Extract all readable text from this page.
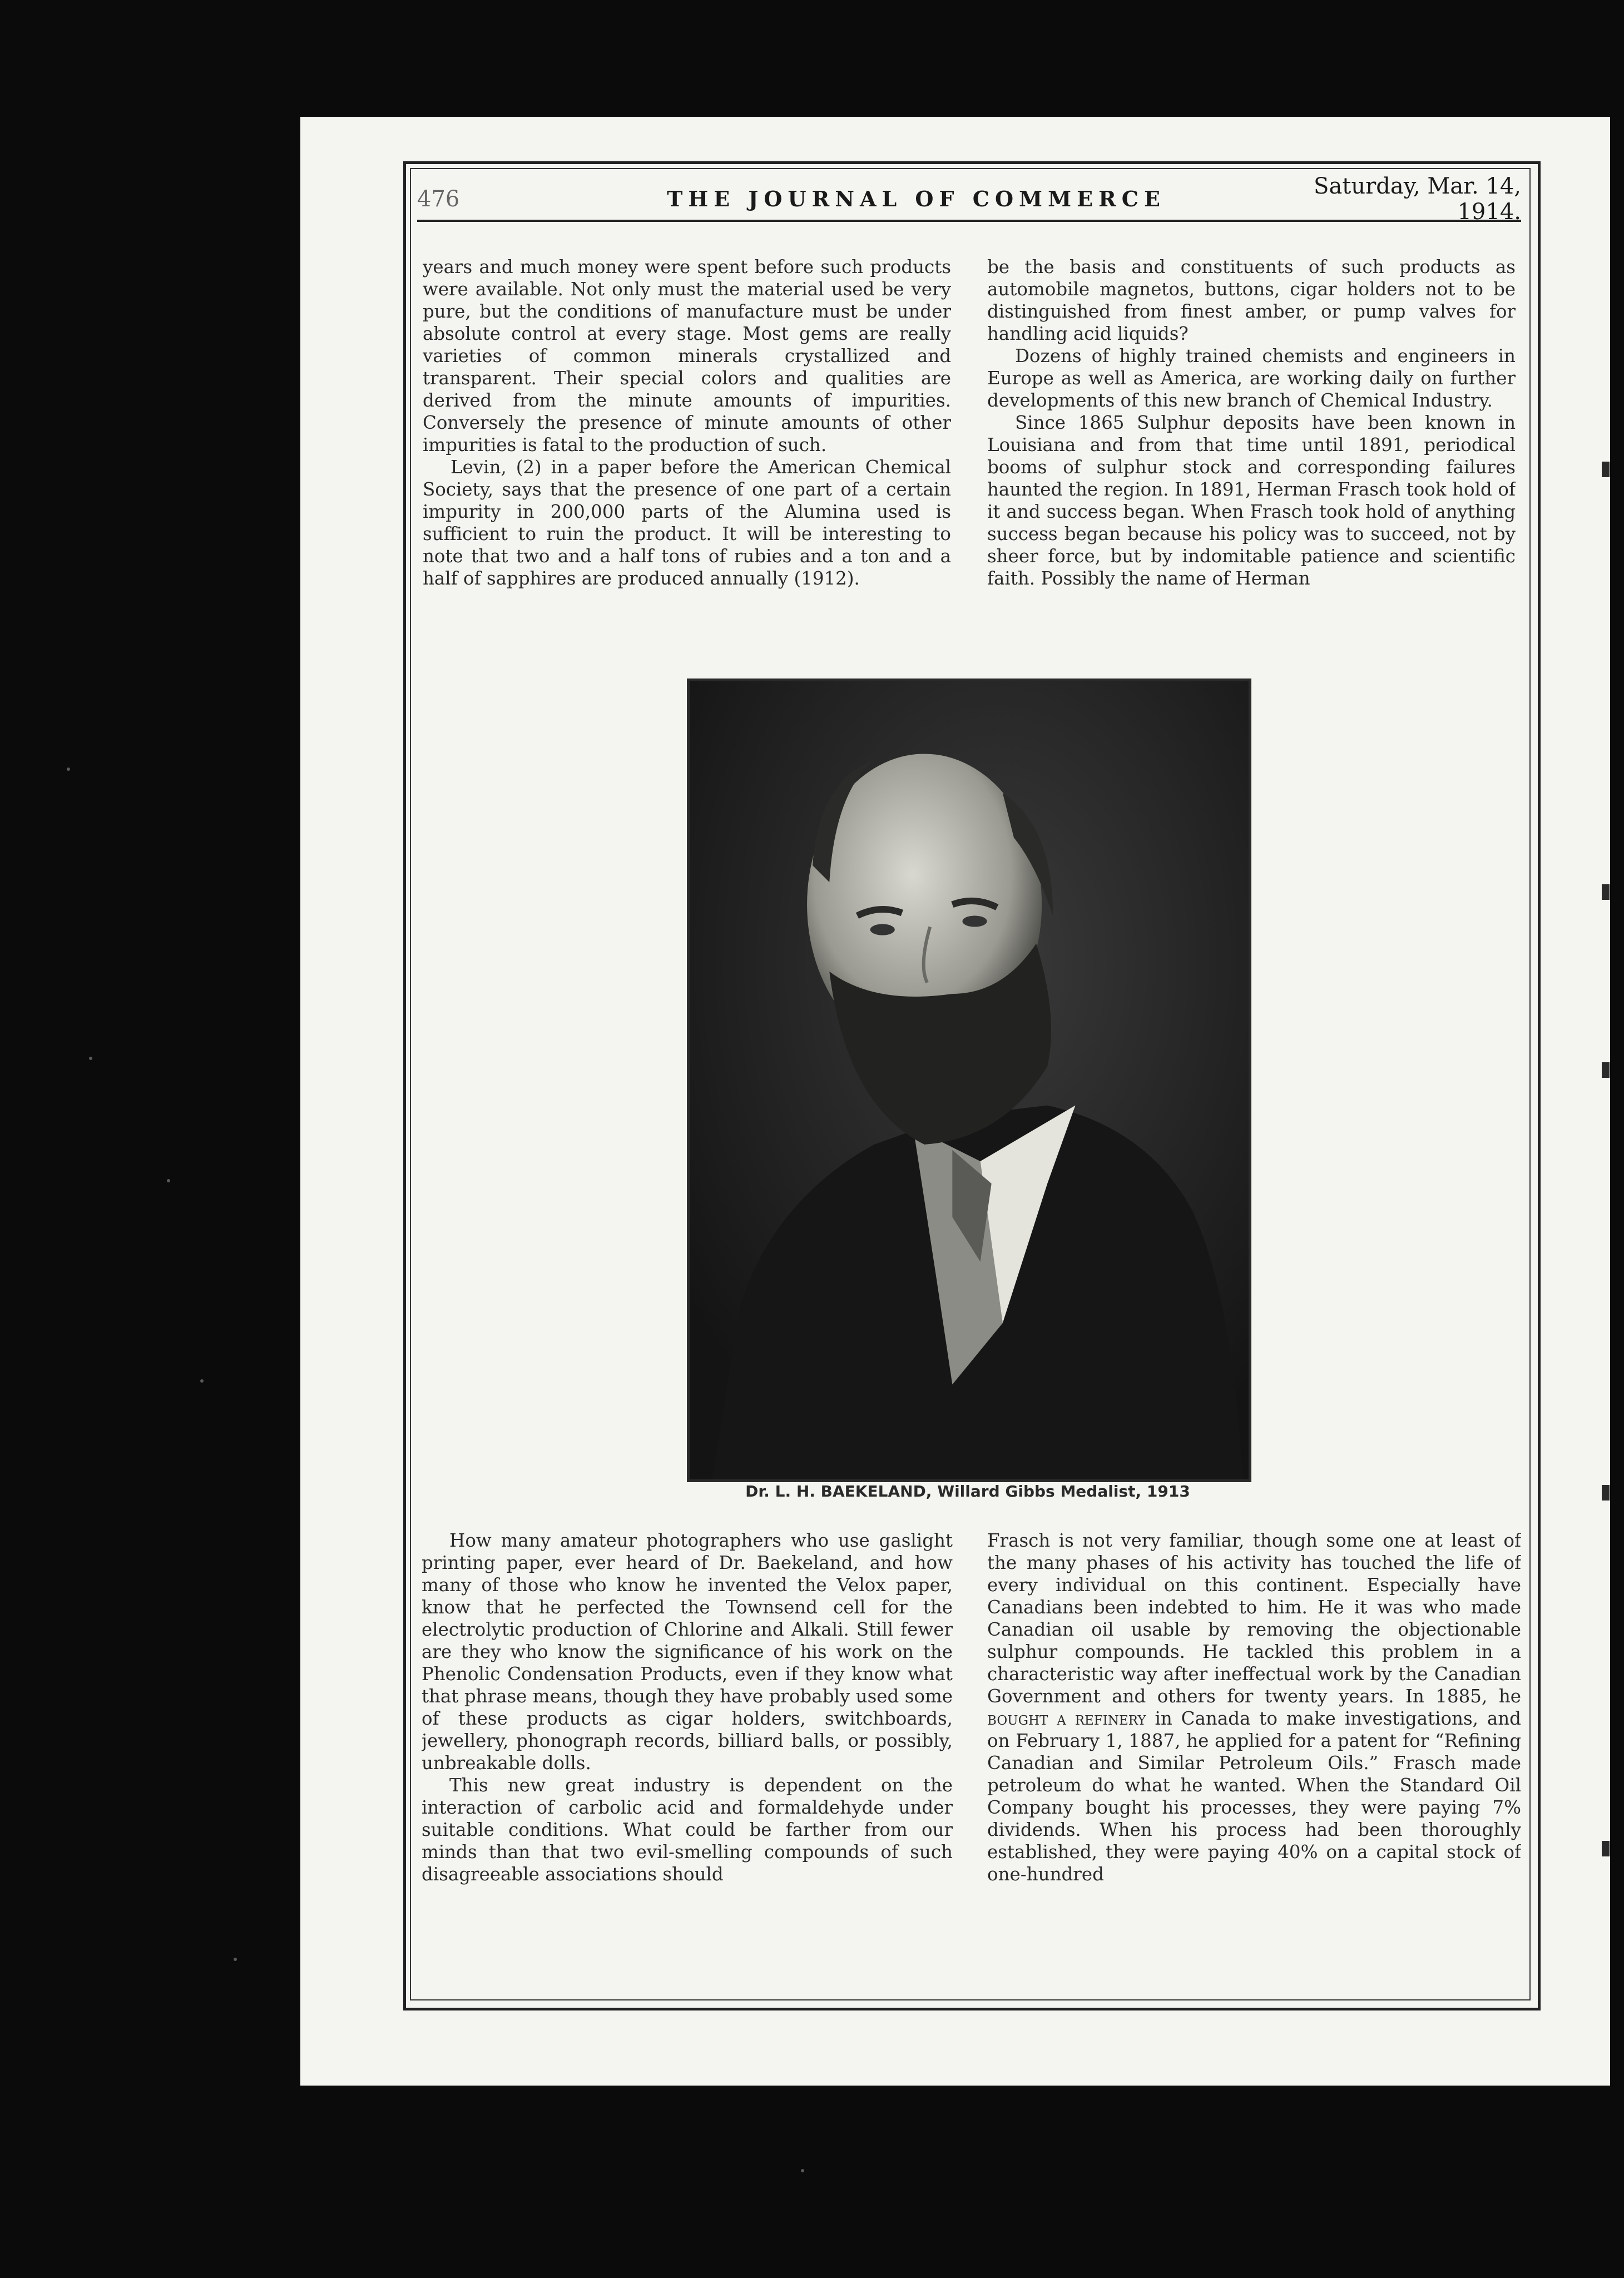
476	THE JOURNAL OF COMMERCE	Saturday, Mar. 14, 1914.

years and much money were spent before such products were available. Not only must the material used be very pure, but the conditions of manufacture must be under absolute control at every stage. Most gems are really varieties of common minerals crystallized and transparent. Their special colors and qualities are derived from the minute amounts of impurities. Conversely the presence of minute amounts of other impurities is fatal to the production of such.

Levin, (2) in a paper before the American Chemical Society, says that the presence of one part of a certain impurity in 200,000 parts of the Alumina used is sufficient to ruin the product. It will be interesting to note that two and a half tons of rubies and a ton and a half of sapphires are produced annually (1912).

be the basis and constituents of such products as automobile magnetos, buttons, cigar holders not to be distinguished from finest amber, or pump valves for handling acid liquids?

Dozens of highly trained chemists and engineers in Europe as well as America, are working daily on further developments of this new branch of Chemical Industry.

Since 1865 Sulphur deposits have been known in Louisiana and from that time until 1891, periodical booms of sulphur stock and corresponding failures haunted the region. In 1891, Herman Frasch took hold of it and success began. When Frasch took hold of anything success began because his policy was to succeed, not by sheer force, but by indomitable patience and scientific faith. Possibly the name of Herman

Dr. L. H. BAEKELAND, Willard Gibbs Medalist, 1913

How many amateur photographers who use gaslight printing paper, ever heard of Dr. Baekeland, and how many of those who know he invented the Velox paper, know that he perfected the Townsend cell for the electrolytic production of Chlorine and Alkali. Still fewer are they who know the significance of his work on the Phenolic Condensation Products, even if they know what that phrase means, though they have probably used some of these products as cigar holders, switchboards, jewellery, phonograph records, billiard balls, or possibly, unbreakable dolls.

This new great industry is dependent on the interaction of carbolic acid and formaldehyde under suitable conditions. What could be farther from our minds than that two evil-smelling compounds of such disagreeable associations should

Frasch is not very familiar, though some one at least of the many phases of his activity has touched the life of every individual on this continent. Especially have Canadians been indebted to him. He it was who made Canadian oil usable by removing the objectionable sulphur compounds. He tackled this problem in a characteristic way after ineffectual work by the Canadian Government and others for twenty years. In 1885, he bought a refinery in Canada to make investigations, and on February 1, 1887, he applied for a patent for “Refining Canadian and Similar Petroleum Oils.” Frasch made petroleum do what he wanted. When the Standard Oil Company bought his processes, they were paying 7% dividends. When his process had been thoroughly established, they were paying 40% on a capital stock of one-hundred
